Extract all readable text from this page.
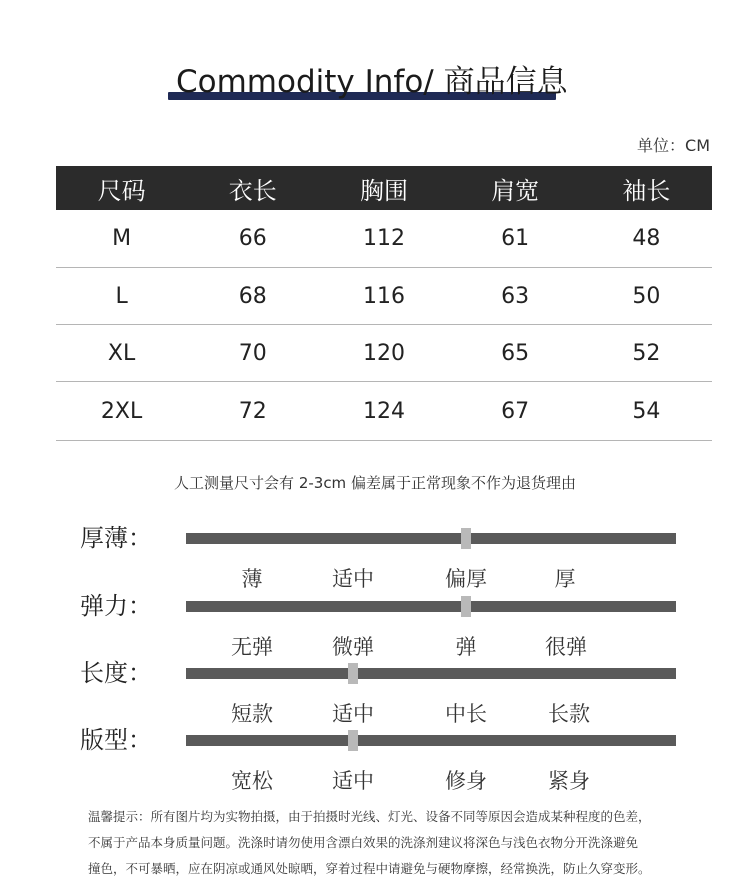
Commodity Info/ 商品信息
单位：CM
尺码	衣长	胸围	肩宽	袖长
M	66	112	61	48
L	68	116	63	50
XL	70	120	65	52
2XL	72	124	67	54
人工测量尺寸会有 2-3cm 偏差属于正常现象不作为退货理由
厚薄：
薄	适中	偏厚	厚
弹力：
无弹	微弹	弹	很弹
长度：
短款	适中	中长	长款
版型：
宽松	适中	修身	紧身
温馨提示：所有图片均为实物拍摄，由于拍摄时光线、灯光、设备不同等原因会造成某种程度的色差，
不属于产品本身质量问题。洗涤时请勿使用含漂白效果的洗涤剂建议将深色与浅色衣物分开洗涤避免
撞色，不可暴晒，应在阴凉或通风处晾晒，穿着过程中请避免与硬物摩擦，经常换洗，防止久穿变形。
